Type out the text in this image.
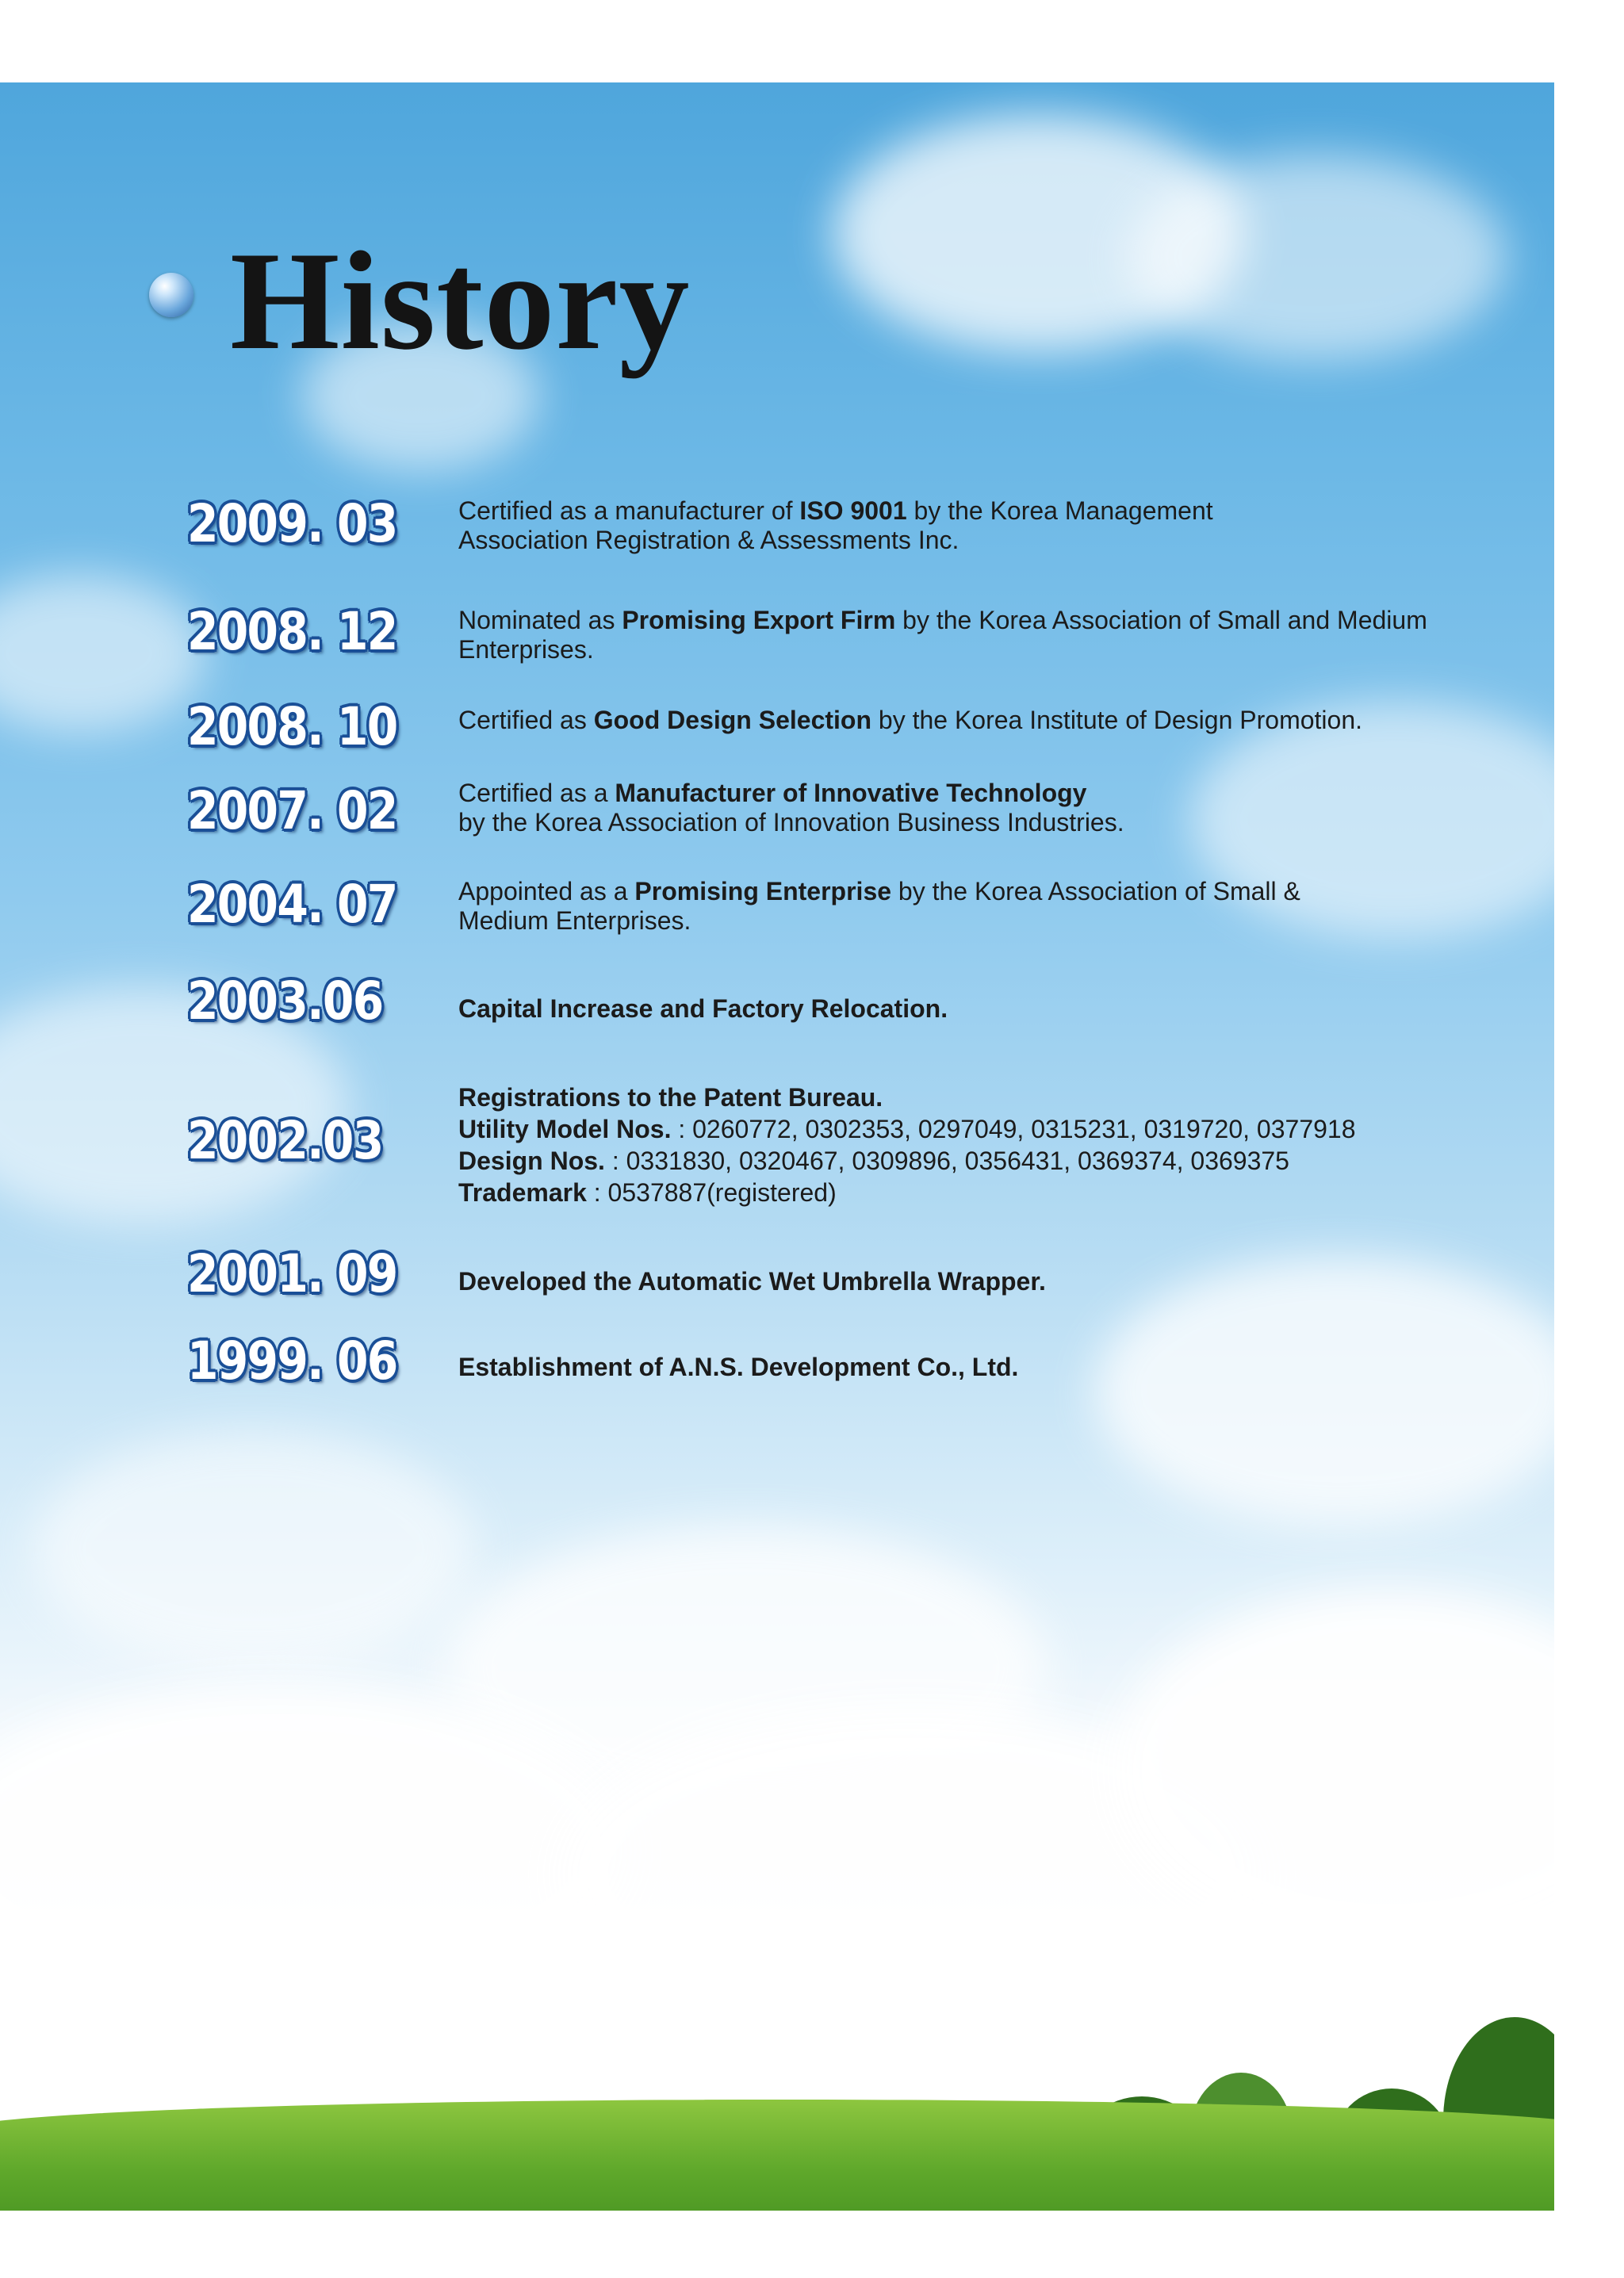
History
2009. 03 Certified as a manufacturer of ISO 9001 by the Korea Management

Association Registration & Assessments Inc.

2008. 12 Nominated as Promising Export Firm by the Korea Association of Small and Medium

Enterprises.

2008. 10 Certified as Good Design Selection by the Korea Institute of Design Promotion.

2007. 02 Certified as a Manufacturer of Innovative Technology

by the Korea Association of Innovation Business Industries.

2004. 07 Appointed as a Promising Enterprise by the Korea Association of Small &

Medium Enterprises.

2003.06	Capital Increase and Factory Relocation.

2002.03

Registrations to the Patent Bureau.

Utility Model Nos. : 0260772, 0302353, 0297049, 0315231, 0319720, 0377918

Design Nos. : 0331830, 0320467, 0309896, 0356431, 0369374, 0369375

Trademark : 0537887(registered)

2001. 09 Developed the Automatic Wet Umbrella Wrapper.

1999. 06 Establishment of A.N.S. Development Co., Ltd.
